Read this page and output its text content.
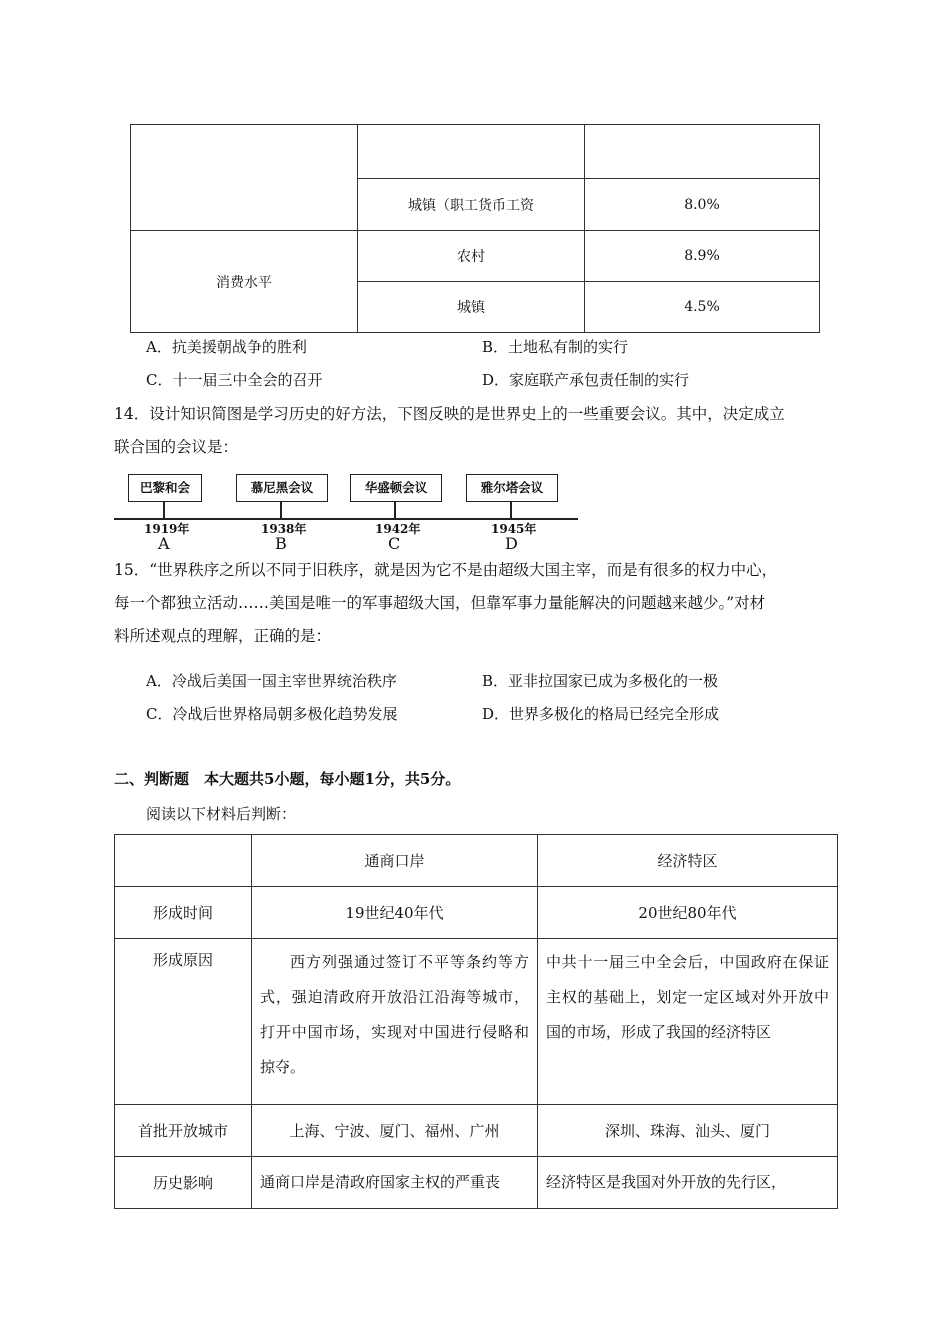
	城镇（职工货币工资	8.0%
消费水平	农村	8.9%
	城镇	4.5%
A．抗美援朝战争的胜利	B．土地私有制的实行
C．十一届三中全会的召开	D．家庭联产承包责任制的实行
14．设计知识简图是学习历史的好方法，下图反映的是世界史上的一些重要会议。其中，决定成立
联合国的会议是：
巴黎和会
1919年
A
慕尼黑会议
1938年
B
华盛顿会议
1942年
C
雅尔塔会议
1945年
D
15．“世界秩序之所以不同于旧秩序，就是因为它不是由超级大国主宰，而是有很多的权力中心，
每一个都独立活动……美国是唯一的军事超级大国，但靠军事力量能解决的问题越来越少。”对材
料所述观点的理解，正确的是：
A．冷战后美国一国主宰世界统治秩序	B．亚非拉国家已成为多极化的一极
C．冷战后世界格局朝多极化趋势发展	D．世界多极化的格局已经完全形成
二、判断题　本大题共5小题，每小题1分，共5分。
阅读以下材料后判断：
	通商口岸	经济特区
形成时间	19世纪40年代	20世纪80年代
形成原因	西方列强通过签订不平等条约等方式，强迫清政府开放沿江沿海等城市，打开中国市场，实现对中国进行侵略和掠夺。	中共十一届三中全会后，中国政府在保证主权的基础上，划定一定区域对外开放中国的市场，形成了我国的经济特区
首批开放城市	上海、宁波、厦门、福州、广州	深圳、珠海、汕头、厦门
历史影响	通商口岸是清政府国家主权的严重丧	经济特区是我国对外开放的先行区，
